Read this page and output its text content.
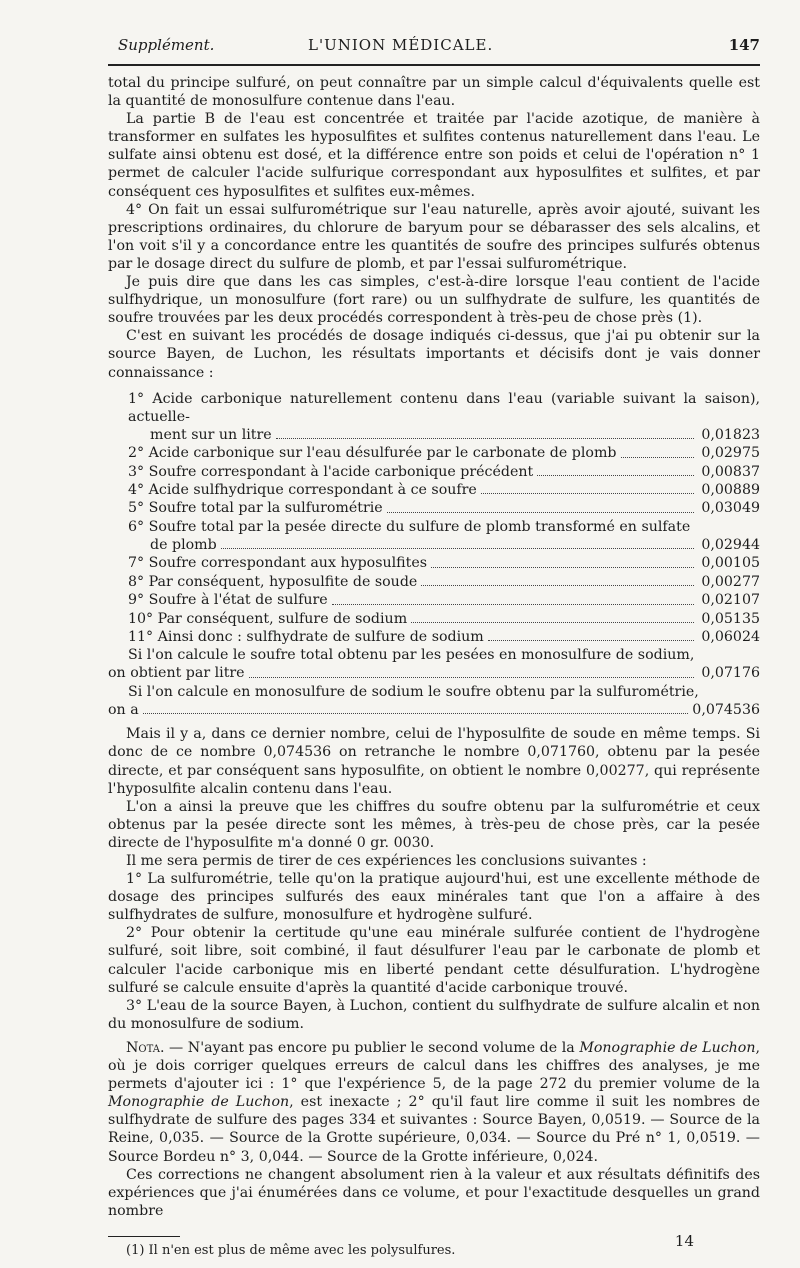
Supplément.	L'UNION MÉDICALE.	147

total du principe sulfuré, on peut connaître par un simple calcul d'équivalents quelle est la quantité de monosulfure contenue dans l'eau.

La partie B de l'eau est concentrée et traitée par l'acide azotique, de manière à transformer en sulfates les hyposulfites et sulfites contenus naturellement dans l'eau. Le sulfate ainsi obtenu est dosé, et la différence entre son poids et celui de l'opération n° 1 permet de calculer l'acide sulfurique correspondant aux hyposulfites et sulfites, et par conséquent ces hyposulfites et sulfites eux-mêmes.

4° On fait un essai sulfurométrique sur l'eau naturelle, après avoir ajouté, suivant les prescriptions ordinaires, du chlorure de baryum pour se débarasser des sels alcalins, et l'on voit s'il y a concordance entre les quantités de soufre des principes sulfurés obtenus par le dosage direct du sulfure de plomb, et par l'essai sulfurométrique.

Je puis dire que dans les cas simples, c'est-à-dire lorsque l'eau contient de l'acide sulfhydrique, un monosulfure (fort rare) ou un sulfhydrate de sulfure, les quantités de soufre trouvées par les deux procédés correspondent à très-peu de chose près (1).

C'est en suivant les procédés de dosage indiqués ci-dessus, que j'ai pu obtenir sur la source Bayen, de Luchon, les résultats importants et décisifs dont je vais donner connaissance :

1° Acide carbonique naturellement contenu dans l'eau (variable suivant la saison), actuelle-
ment sur un litre	0,01823
2° Acide carbonique sur l'eau désulfurée par le carbonate de plomb	0,02975
3° Soufre correspondant à l'acide carbonique précédent	0,00837
4° Acide sulfhydrique correspondant à ce soufre	0,00889
5° Soufre total par la sulfurométrie	0,03049
6° Soufre total par la pesée directe du sulfure de plomb transformé en sulfate
de plomb	0,02944
7° Soufre correspondant aux hyposulfites	0,00105
8° Par conséquent, hyposulfite de soude	0,00277
9° Soufre à l'état de sulfure	0,02107
10° Par conséquent, sulfure de sodium	0,05135
11° Ainsi donc : sulfhydrate de sulfure de sodium	0,06024
Si l'on calcule le soufre total obtenu par les pesées en monosulfure de sodium,
on obtient par litre	0,07176
Si l'on calcule en monosulfure de sodium le soufre obtenu par la sulfurométrie,
on a	0,074536

Mais il y a, dans ce dernier nombre, celui de l'hyposulfite de soude en même temps. Si donc de ce nombre 0,074536 on retranche le nombre 0,071760, obtenu par la pesée directe, et par conséquent sans hyposulfite, on obtient le nombre 0,00277, qui représente l'hyposulfite alcalin contenu dans l'eau.

L'on a ainsi la preuve que les chiffres du soufre obtenu par la sulfurométrie et ceux obtenus par la pesée directe sont les mêmes, à très-peu de chose près, car la pesée directe de l'hyposulfite m'a donné 0 gr. 0030.

Il me sera permis de tirer de ces expériences les conclusions suivantes :

1° La sulfurométrie, telle qu'on la pratique aujourd'hui, est une excellente méthode de dosage des principes sulfurés des eaux minérales tant que l'on a affaire à des sulfhydrates de sulfure, monosulfure et hydrogène sulfuré.

2° Pour obtenir la certitude qu'une eau minérale sulfurée contient de l'hydrogène sulfuré, soit libre, soit combiné, il faut désulfurer l'eau par le carbonate de plomb et calculer l'acide carbonique mis en liberté pendant cette désulfuration. L'hydrogène sulfuré se calcule ensuite d'après la quantité d'acide carbonique trouvé.

3° L'eau de la source Bayen, à Luchon, contient du sulfhydrate de sulfure alcalin et non du monosulfure de sodium.

Nota. — N'ayant pas encore pu publier le second volume de la Monographie de Luchon, où je dois corriger quelques erreurs de calcul dans les chiffres des analyses, je me permets d'ajouter ici : 1° que l'expérience 5, de la page 272 du premier volume de la Monographie de Luchon, est inexacte ; 2° qu'il faut lire comme il suit les nombres de sulfhydrate de sulfure des pages 334 et suivantes : Source Bayen, 0,0519. — Source de la Reine, 0,035. — Source de la Grotte supérieure, 0,034. — Source du Pré n° 1, 0,0519. — Source Bordeu n° 3, 0,044. — Source de la Grotte inférieure, 0,024.

Ces corrections ne changent absolument rien à la valeur et aux résultats définitifs des expériences que j'ai énumérées dans ce volume, et pour l'exactitude desquelles un grand nombre

(1) Il n'en est plus de même avec les polysulfures.

14
